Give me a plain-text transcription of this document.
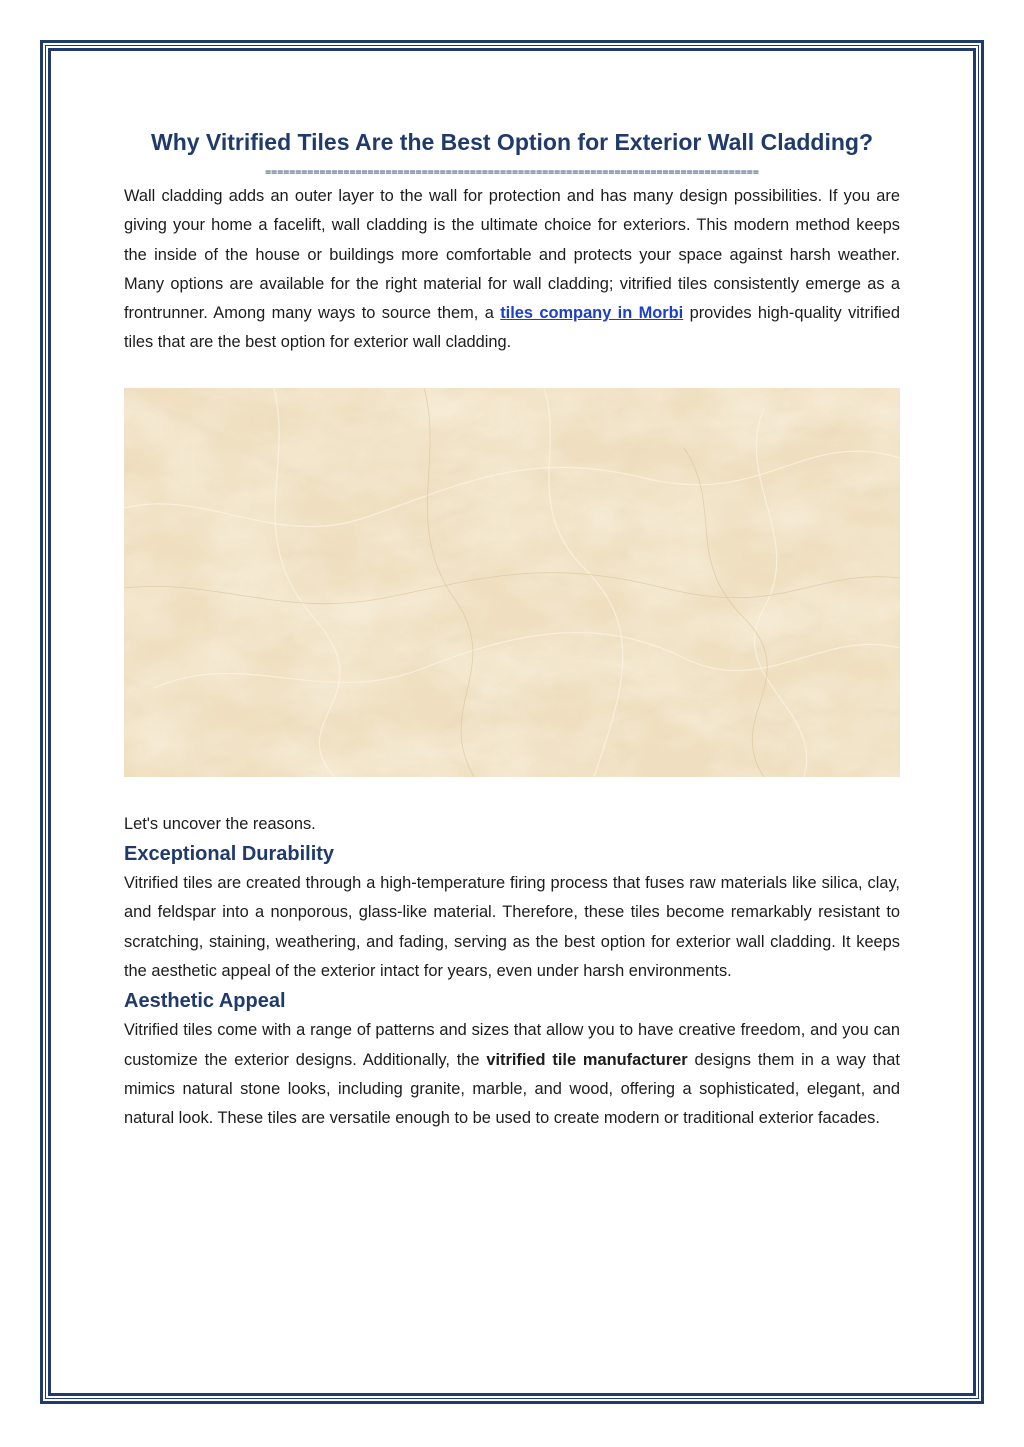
Why Vitrified Tiles Are the Best Option for Exterior Wall Cladding?
==================================================================================

Wall cladding adds an outer layer to the wall for protection and has many design possibilities. If you are giving your home a facelift, wall cladding is the ultimate choice for exteriors. This modern method keeps the inside of the house or buildings more comfortable and protects your space against harsh weather. Many options are available for the right material for wall cladding; vitrified tiles consistently emerge as a frontrunner. Among many ways to source them, a tiles company in Morbi provides high-quality vitrified tiles that are the best option for exterior wall cladding.

Let's uncover the reasons.

Exceptional Durability

Vitrified tiles are created through a high-temperature firing process that fuses raw materials like silica, clay, and feldspar into a nonporous, glass-like material. Therefore, these tiles become remarkably resistant to scratching, staining, weathering, and fading, serving as the best option for exterior wall cladding. It keeps the aesthetic appeal of the exterior intact for years, even under harsh environments.

Aesthetic Appeal

Vitrified tiles come with a range of patterns and sizes that allow you to have creative freedom, and you can customize the exterior designs. Additionally, the vitrified tile manufacturer designs them in a way that mimics natural stone looks, including granite, marble, and wood, offering a sophisticated, elegant, and natural look. These tiles are versatile enough to be used to create modern or traditional exterior facades.
